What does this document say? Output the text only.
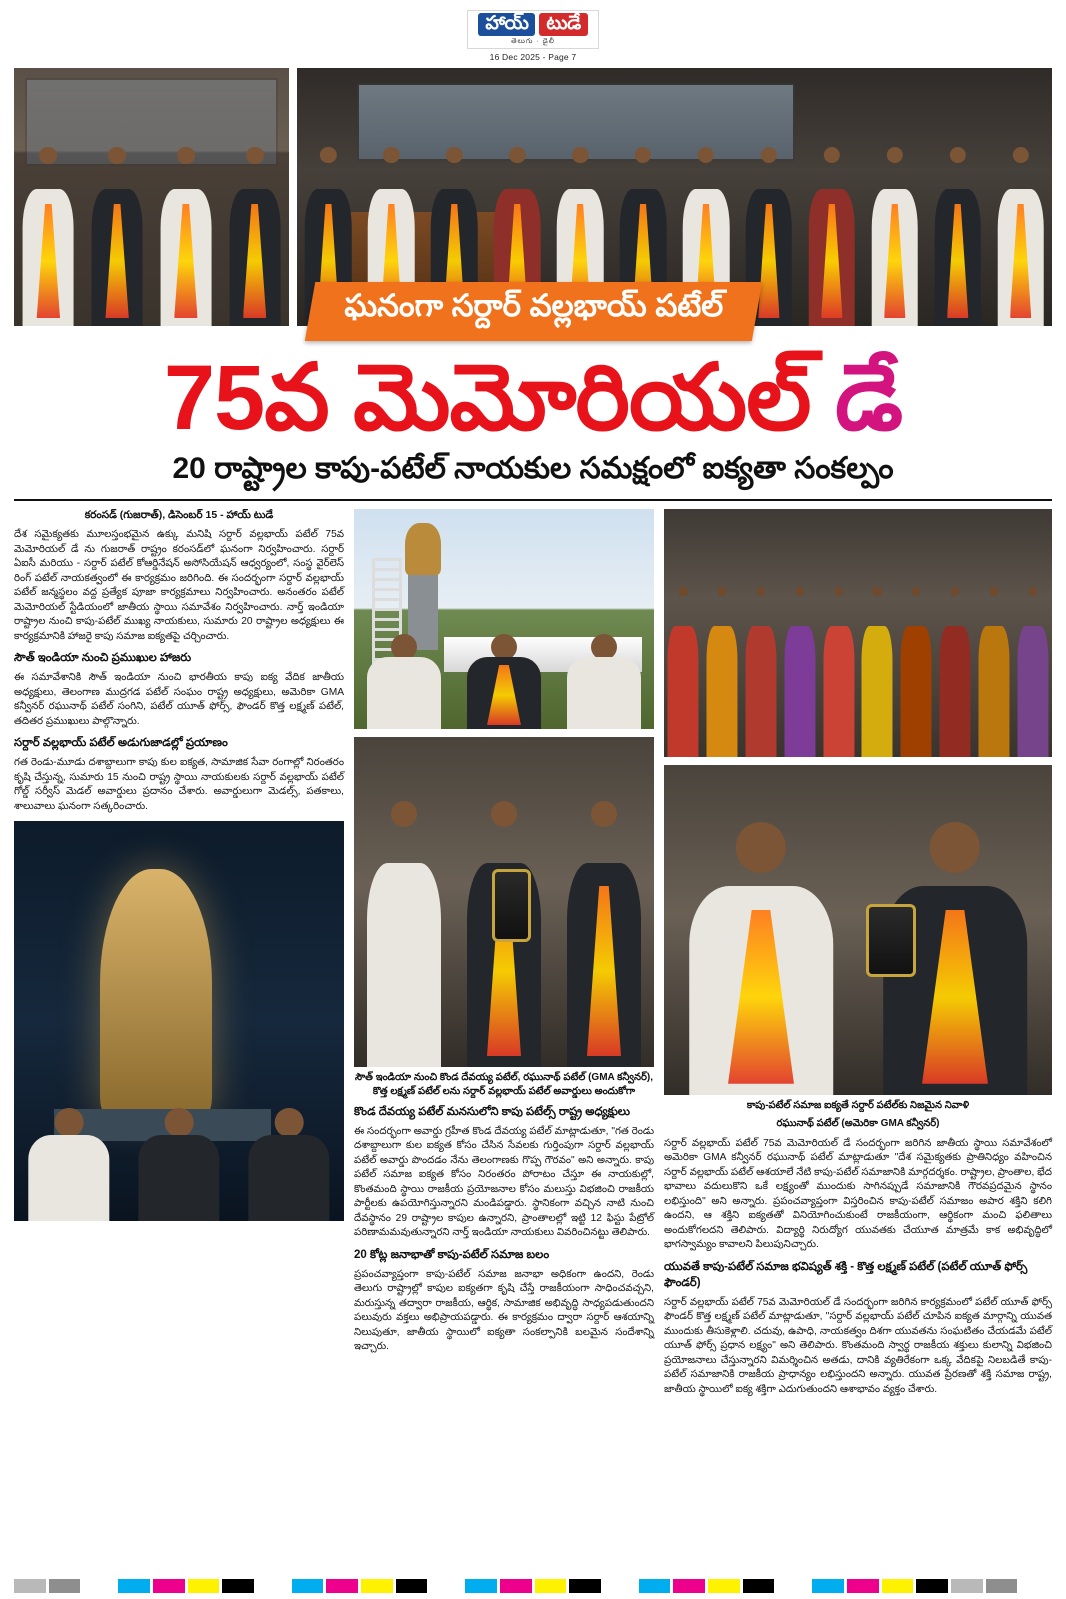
హాయ్ టుడే
తెలుగు · డైలీ
16 Dec 2025 - Page 7
ఘనంగా సర్దార్ వల్లభాయ్ పటేల్
75వ మెమోరియల్ డే
20 రాష్ట్రాల కాపు-పటేల్ నాయకుల సమక్షంలో ఐక్యతా సంకల్పం
కరంసడ్ (గుజరాత్), డిసెంబర్ 15 - హాయ్ టుడే

దేశ సమైక్యతకు మూలస్తంభమైన ఉక్కు మనిషి సర్దార్ వల్లభాయ్ పటేల్ 75వ మెమోరియల్ డే ను గుజరాత్ రాష్ట్రం కరంసడ్‌లో ఘనంగా నిర్వహించారు. సర్దార్ ఏఐసీ మరియు - సర్దార్ పటేల్ కోఆర్డినేషన్ అసోసియేషన్ ఆధ్వర్యంలో, సంస్థ వైర్‌లెస్ రింగ్ పటేల్ నాయకత్వంలో ఈ కార్యక్రమం జరిగింది. ఈ సందర్భంగా సర్దార్ వల్లభాయ్ పటేల్ జన్మస్థలం వద్ద ప్రత్యేక పూజా కార్యక్రమాలు నిర్వహించారు. అనంతరం పటేల్ మెమోరియల్ స్టేడియంలో జాతీయ స్థాయి సమావేశం నిర్వహించారు. నార్త్ ఇండియా రాష్ట్రాల నుంచి కాపు-పటేల్ ముఖ్య నాయకులు, సుమారు 20 రాష్ట్రాల అధ్యక్షులు ఈ కార్యక్రమానికి హాజరై కాపు సమాజ ఐక్యతపై చర్చించారు.

సౌత్ ఇండియా నుంచి ప్రముఖుల హాజరు

ఈ సమావేశానికి సౌత్ ఇండియా నుంచి భారతీయ కాపు ఐక్య వేదిక జాతీయ అధ్యక్షులు, తెలంగాణ ముద్రగడ పటేల్ సంఘం రాష్ట్ర అధ్యక్షులు, అమెరికా GMA కన్వీనర్ రఘునాథ్ పటేల్ సంగిని, పటేల్ యూత్ ఫోర్స్, ఫౌండర్ కొత్త లక్ష్మణ్ పటేల్, తదితర ప్రముఖులు పాల్గొన్నారు.

సర్దార్ వల్లభాయ్ పటేల్ అడుగుజాడల్లో ప్రయాణం

గత రెండు-మూడు దశాబ్దాలుగా కాపు కుల ఐక్యత, సామాజిక సేవా రంగాల్లో నిరంతరం కృషి చేస్తున్న, సుమారు 15 నుంచి రాష్ట్ర స్థాయి నాయకులకు సర్దార్ వల్లభాయ్ పటేల్ గోల్డ్ సర్వీస్ మెడల్ అవార్డులు ప్రదానం చేశారు. అవార్డులుగా మెడల్స్, పతకాలు, శాలువాలు ఘనంగా సత్కరించారు.

సౌత్ ఇండియా నుంచి కొండ దేవయ్య పటేల్, రఘునాథ్ పటేల్ (GMA కన్వీనర్), కొత్త లక్ష్మణ్ పటేల్ లను సర్దార్ వల్లభాయ్ పటేల్ అవార్డులు అందుకోగా
కొండ దేవయ్య పటేల్ మనసులోని కాపు పటేల్స్ రాష్ట్ర అధ్యక్షులు

ఈ సందర్భంగా అవార్డు గ్రహీత కొండ దేవయ్య పటేల్ మాట్లాడుతూ, "గత రెండు దశాబ్దాలుగా కుల ఐక్యత కోసం చేసిన సేవలకు గుర్తింపుగా సర్దార్ వల్లభాయ్ పటేల్ అవార్డు పొందడం నేను తెలంగాణకు గొప్ప గౌరవం" అని అన్నారు. కాపు పటేల్ సమాజ ఐక్యత కోసం నిరంతరం పోరాటం చేస్తూ ఈ నాయకుల్లో, కొంతమంది స్థాయి రాజకీయ ప్రయోజనాల కోసం మలుస్తు విభజించి రాజకీయ పార్టీలకు ఉపయోగిస్తున్నారని మండిపడ్డారు. స్థానికంగా వచ్చిన నాటి నుంచి దేవస్థానం 29 రాష్ట్రాల కాపుల ఉన్నారని, ప్రాంతాలల్లో ఇట్టి 12 ఫిస్టు పేట్రోల్ పరిణామమవుతున్నారని నార్త్ ఇండియా నాయకులు వివరించినట్టు తెలిపారు.

20 కోట్ల జనాభాతో కాపు-పటేల్ సమాజ బలం

ప్రపంచవ్యాప్తంగా కాపు-పటేల్ సమాజ జనాభా అధికంగా ఉందని, రెండు తెలుగు రాష్ట్రాల్లో కాపుల ఐక్యతగా కృషి చేస్తే రాజకీయంగా సాధించవచ్చని, మరుస్తున్న తద్వారా రాజకీయ, ఆర్థిక, సామాజిక అభివృద్ధి సాధ్యపడుతుందని పలువురు వక్తలు అభిప్రాయపడ్డారు. ఈ కార్యక్రమం ద్వారా సర్దార్ ఆశయాన్ని నిలుపుతూ, జాతీయ స్థాయిలో ఐక్యతా సంకల్పానికి బలమైన సందేశాన్ని ఇచ్చారు.

కాపు-పటేల్ సమాజ ఐక్యతే సర్దార్ పటేల్‌కు నిజమైన నివాళి
రఘునాథ్ పటేల్ (అమెరికా GMA కన్వీనర్)

సర్దార్ వల్లభాయ్ పటేల్ 75వ మెమోరియల్ డే సందర్భంగా జరిగిన జాతీయ స్థాయి సమావేశంలో అమెరికా GMA కన్వీనర్ రఘునాథ్ పటేల్ మాట్లాడుతూ "దేశ సమైక్యతకు ప్రాతినిధ్యం వహించిన సర్దార్ వల్లభాయ్ పటేల్ ఆశయాలే నేటి కాపు-పటేల్ సమాజానికి మార్గదర్శకం. రాష్ట్రాల, ప్రాంతాల, భేద భావాలు వదులుకొని ఒకే లక్ష్యంతో ముందుకు సాగినప్పుడే సమాజానికి గౌరవప్రదమైన స్థానం లభిస్తుంది" అని అన్నారు. ప్రపంచవ్యాప్తంగా విస్తరించిన కాపు-పటేల్ సమాజం అపార శక్తిని కలిగి ఉందని, ఆ శక్తిని ఐక్యతతో వినియోగించుకుంటే రాజకీయంగా, ఆర్థికంగా మంచి ఫలితాలు అందుకోగలదని తెలిపారు. విద్యార్థి నిరుద్యోగ యువతకు చేయూత మాత్రమే కాక అభివృద్ధిలో భాగస్వామ్యం కావాలని పిలుపునిచ్చారు.

యువతే కాపు-పటేల్ సమాజ భవిష్యత్ శక్తి - కొత్త లక్ష్మణ్ పటేల్ (పటేల్ యూత్ ఫోర్స్ ఫౌండర్)

సర్దార్ వల్లభాయ్ పటేల్ 75వ మెమోరియల్ డే సందర్భంగా జరిగిన కార్యక్రమంలో పటేల్ యూత్ ఫోర్స్ ఫౌండర్ కొత్త లక్ష్మణ్ పటేల్ మాట్లాడుతూ, "సర్దార్ వల్లభాయ్ పటేల్ చూపిన ఐక్యత మార్గాన్ని యువత ముందుకు తీసుకెళ్లాలి. చదువు, ఉపాధి, నాయకత్వం దిశగా యువతను సంఘటితం చేయడమే పటేల్ యూత్ ఫోర్స్ ప్రధాన లక్ష్యం" అని తెలిపారు. కొంతమంది స్వార్థ రాజకీయ శక్తులు కులాన్ని విభజించి ప్రయోజనాలు చేస్తున్నారని విమర్శించిన అతడు, దానికి వ్యతిరేకంగా ఒక్క వేదికపై నిలబడితే కాపు-పటేల్ సమాజానికి రాజకీయ ప్రాధాన్యం లభిస్తుందని అన్నారు. యువత ప్రేరణతో శక్తి సమాజ రాష్ట్ర, జాతీయ స్థాయిలో ఐక్య శక్తిగా ఎదుగుతుందని ఆశాభావం వ్యక్తం చేశారు.
